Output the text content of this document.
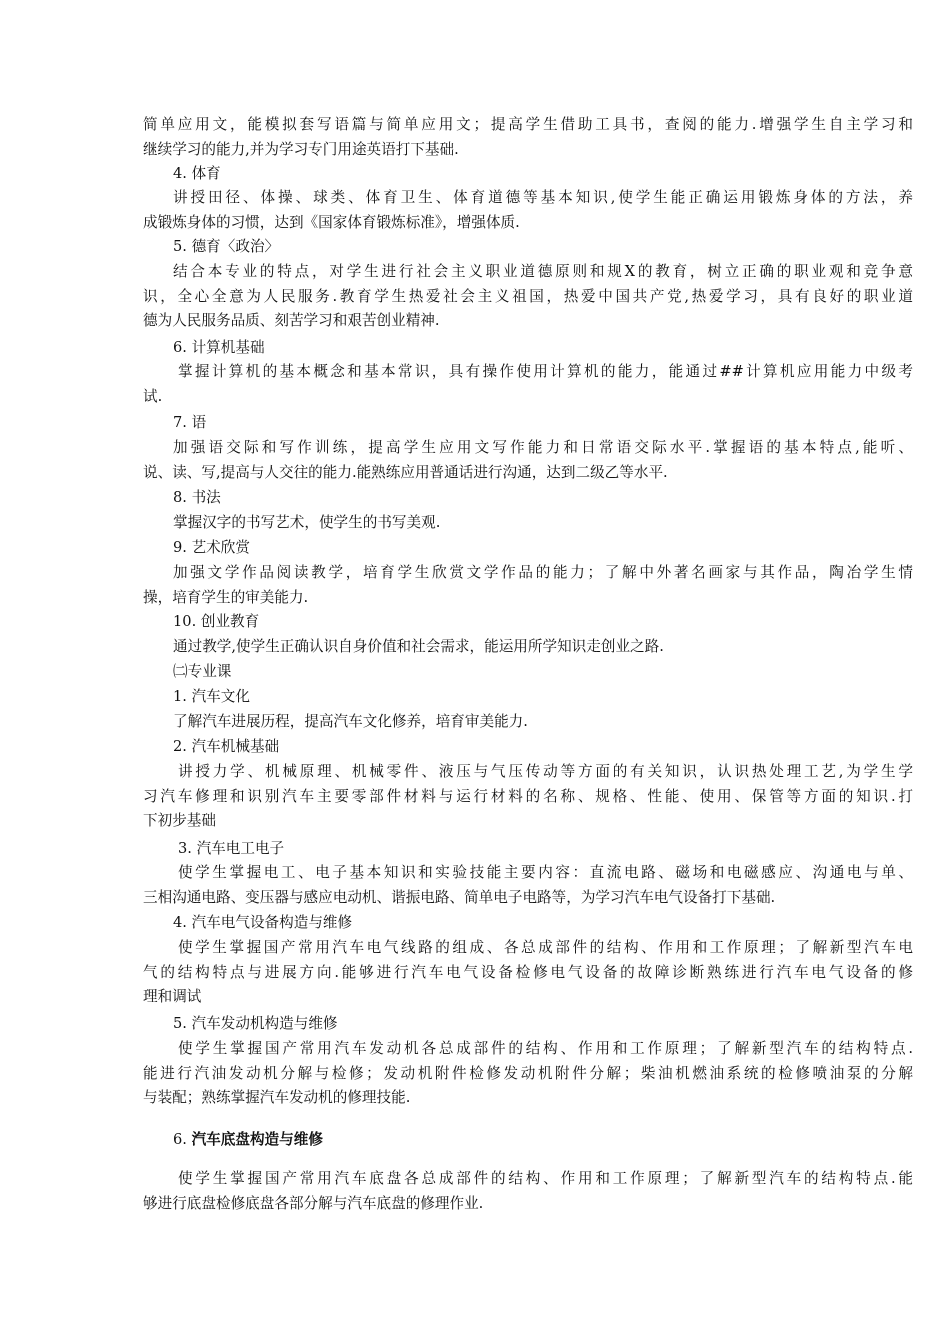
简单应用文，能模拟套写语篇与简单应用文；提高学生借助工具书，查阅的能力.增强学生自主学习和
继续学习的能力,并为学习专门用途英语打下基础.
4. 体育
讲授田径、体操、球类、体育卫生、体育道德等基本知识,使学生能正确运用锻炼身体的方法，养
成锻炼身体的习惯，达到《国家体育锻炼标准》，增强体质.
5. 德育〈政治〉
结合本专业的特点，对学生进行社会主义职业道德原则和规X的教育，树立正确的职业观和竞争意
识，全心全意为人民服务.教育学生热爱社会主义祖国，热爱中国共产党,热爱学习，具有良好的职业道
德为人民服务品质、刻苦学习和艰苦创业精神.
6. 计算机基础
掌握计算机的基本概念和基本常识，具有操作使用计算机的能力，能通过##计算机应用能力中级考
试.
7. 语
加强语交际和写作训练，提高学生应用文写作能力和日常语交际水平.掌握语的基本特点,能听、
说、读、写,提高与人交往的能力.能熟练应用普通话进行沟通，达到二级乙等水平.
8. 书法
掌握汉字的书写艺术，使学生的书写美观.
9. 艺术欣赏
加强文学作品阅读教学，培育学生欣赏文学作品的能力；了解中外著名画家与其作品，陶冶学生情
操，培育学生的审美能力.
10. 创业教育
通过教学,使学生正确认识自身价值和社会需求，能运用所学知识走创业之路.
㈡专业课
1. 汽车文化
了解汽车进展历程，提高汽车文化修养，培育审美能力.
2. 汽车机械基础
讲授力学、机械原理、机械零件、液压与气压传动等方面的有关知识，认识热处理工艺,为学生学
习汽车修理和识别汽车主要零部件材料与运行材料的名称、规格、性能、使用、保管等方面的知识.打
下初步基础
3. 汽车电工电子
使学生掌握电工、电子基本知识和实验技能主要内容：直流电路、磁场和电磁感应、沟通电与单、
三相沟通电路、变压器与感应电动机、谐振电路、简单电子电路等，为学习汽车电气设备打下基础.
4. 汽车电气设备构造与维修
使学生掌握国产常用汽车电气线路的组成、各总成部件的结构、作用和工作原理；了解新型汽车电
气的结构特点与进展方向.能够进行汽车电气设备检修电气设备的故障诊断熟练进行汽车电气设备的修
理和调试
5. 汽车发动机构造与维修
使学生掌握国产常用汽车发动机各总成部件的结构、作用和工作原理；了解新型汽车的结构特点.
能进行汽油发动机分解与检修；发动机附件检修发动机附件分解；柴油机燃油系统的检修喷油泵的分解
与装配；熟练掌握汽车发动机的修理技能.
6. 汽车底盘构造与维修
使学生掌握国产常用汽车底盘各总成部件的结构、作用和工作原理；了解新型汽车的结构特点.能
够进行底盘检修底盘各部分解与汽车底盘的修理作业.
